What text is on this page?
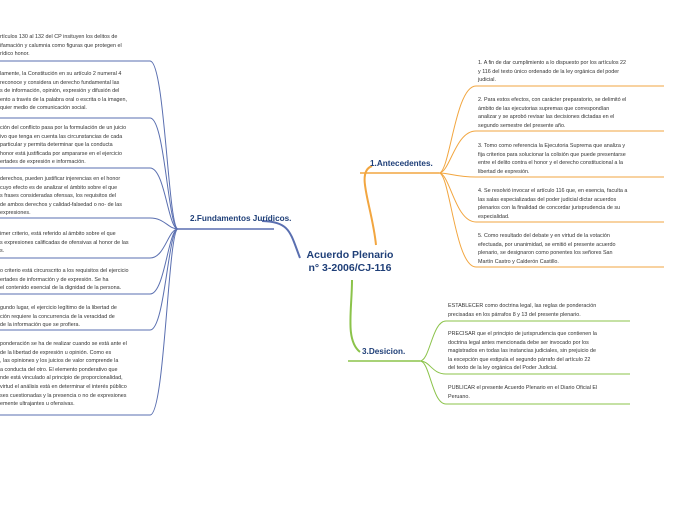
Acuerdo Plenario
n° 3-2006/CJ-116
1.Antecedentes.
2.Fundamentos Jurídicos.
3.Desicion.

1. A fin de dar cumplimiento a lo dispuesto por los artículos 22

y 116 del texto único ordenado de la ley orgánica del poder

judicial.

2. Para estos efectos, con carácter preparatorio, se delimitó el

ámbito de las ejecutorias supremas que correspondían

analizar y se aprobó revisar las decisiones dictadas en el

segundo semestre del presente año.

3. Tomo como referencia la Ejecutoria Suprema que analiza y

fija criterios para solucionar la colisión que puede presentarse

entre el delito contra el honor y el derecho constitucional a la

libertad de expresión.

4. Se resolvió invocar el artículo 116 que, en esencia, faculta a

las salas especializadas del poder judicial dictar acuerdos

plenarios con la finalidad de concordar jurisprudencia de su

especialidad.

5. Como resultado del debate y en virtud de la votación

efectuada, por unanimidad, se emitió el presente acuerdo

plenario, se designaron como ponentes los señores San

Martín Castro y Calderón Castillo.

rtículos 130 al 132 del CP insituyen los delitos de

ifamación y calumnia como figuras que protegen el

rídico honor.

lamente, la Constitución en su artículo 2 numeral 4

reconoce y considera un derecho fundamental las

s de información, opinión, expresión y difusión del

ento a través de la palabra oral o escrita o la imagen,

quier medio de comunicación social.

ción del conflicto pasa por la formulación de un juicio

ivo que tenga en cuenta las circunstancias de cada

particular y permita determinar que la conducta

honor está justificada por ampararse en el ejercicio

ertades de expresión e información.

derechos, pueden justificar injerencias en el honor

cuyo efecto es de analizar el ámbito sobre el que

s frases consideradas ofensas, los requisitos del

de ambos derechos y calidad-falsedad o no- de las

expresiones.

imer criterio, está referido al ámbito sobre el que

s expresiones calificadas de ofensivas al honor de las

s.

o criterio está circunscrito a los requisitos del ejercicio

ertades de información y de expresión. Se ha

el contenido esencial de la dignidad de la persona.

gundo lugar, el ejercicio legítimo de la libertad de

ción requiere la concurrencia de la veracidad de

de la información que se profiera.

ponderación se ha de realizar cuando se está ante el

de la libertad de expresión u opinión. Como es

, las opiniones y los juicios de valor comprende la

a conducta del otro. El elemento ponderativo que

nde está vinculado al principio de proporcionalidad,

virtud el análisis está en determinar el interés público

ses cuestionadas y la presencia o no de expresiones

emente ultrajantes u ofensivas.

ESTABLECER como doctrina legal, las reglas de ponderación

precisadas en los párrafos 8 y 13 del presente plenario.

PRECISAR que el principio de jurisprudencia que contienen la

doctrina legal antes mencionada debe ser invocado por los

magistrados en todas las instancias judiciales, sin prejuicio de

la excepción que estipula el segundo párrafo del artículo 22

del texto de la ley orgánica del Poder Judicial.

PUBLICAR el presente Acuerdo Plenario en el Diario Oficial El

Peruano.
